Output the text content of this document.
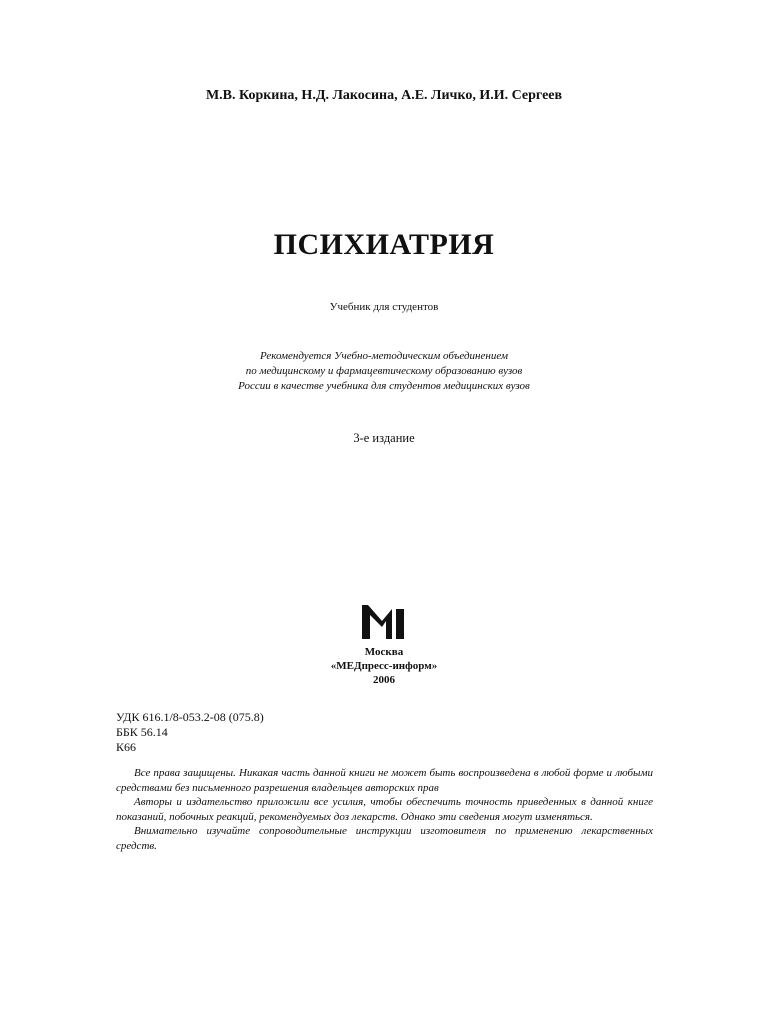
М.В. Коркина, Н.Д. Лакосина, А.Е. Личко, И.И. Сергеев
ПСИХИАТРИЯ
Учебник для студентов
Рекомендуется Учебно-методическим объединением
по медицинскому и фармацевтическому образованию вузов
России в качестве учебника для студентов медицинских вузов
3-е издание
Москва
«МЕДпресс-информ»
2006
УДК 616.1/8-053.2-08 (075.8)
ББК 56.14
К66

Все права защищены. Никакая часть данной книги не может быть воспроизведена в любой форме и любыми средствами без письменного разрешения владельцев авторских прав

Авторы и издательство приложили все усилия, чтобы обеспечить точность приведенных в данной книге показаний, побочных реакций, рекомендуемых доз лекарств. Однако эти сведения могут изменяться.

Внимательно изучайте сопроводительные инструкции изготовителя по применению лекарственных средств.
